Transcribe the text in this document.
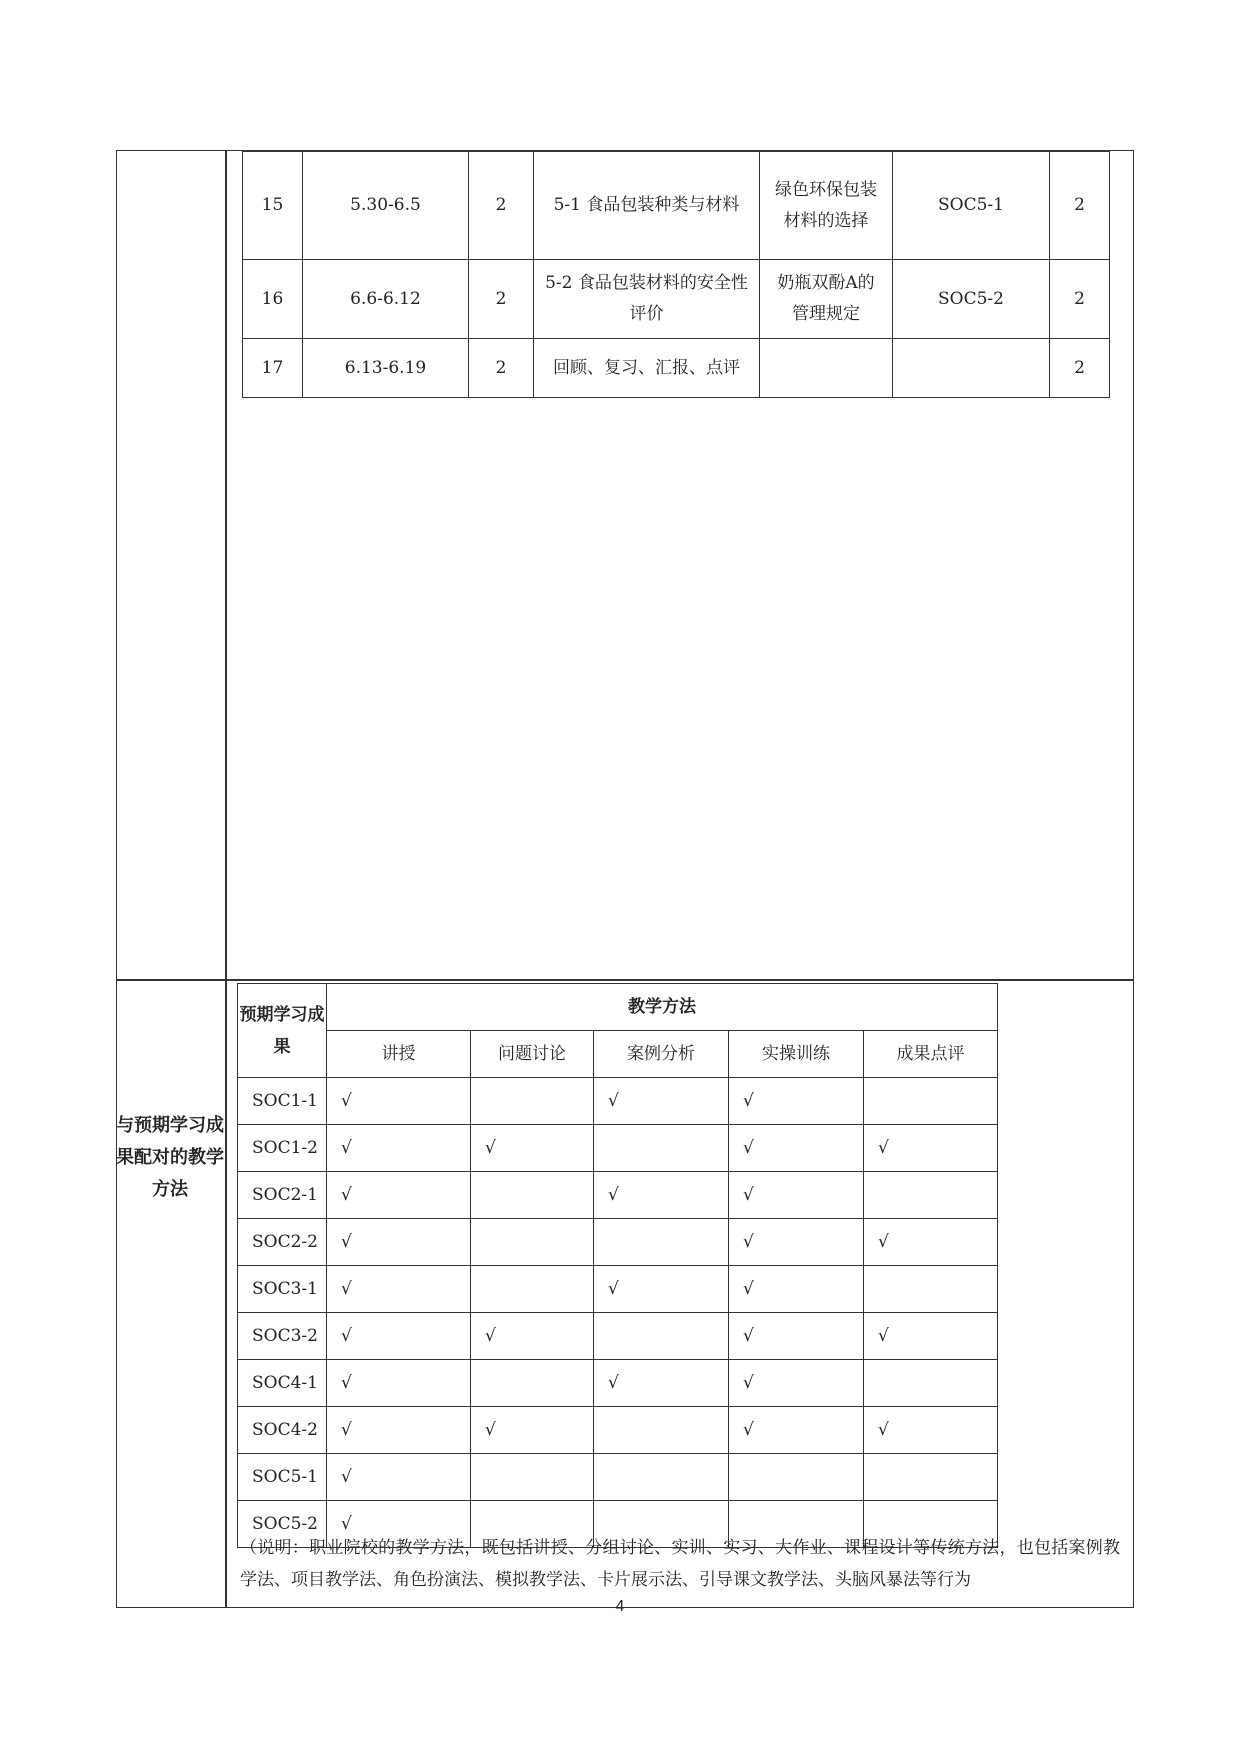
15	5.30-6.5	2	5-1 食品包装种类与材料	绿色环保包装材料的选择	SOC5-1	2
16	6.6-6.12	2	5-2 食品包装材料的安全性评价	奶瓶双酚A的管理规定	SOC5-2	2
17	6.13-6.19	2	回顾、复习、汇报、点评			2
与预期学习成果配对的教学方法
预期学习成果	教学方法				
	讲授	问题讨论	案例分析	实操训练	成果点评
SOC1-1	√		√	√	
SOC1-2	√	√		√	√
SOC2-1	√		√	√	
SOC2-2	√			√	√
SOC3-1	√		√	√	
SOC3-2	√	√		√	√
SOC4-1	√		√	√	
SOC4-2	√	√		√	√
SOC5-1	√				
SOC5-2	√				
（说明：职业院校的教学方法，既包括讲授、分组讨论、实训、实习、大作业、课程设计等传统方法，也包括案例教学法、项目教学法、角色扮演法、模拟教学法、卡片展示法、引导课文教学法、头脑风暴法等行为
4
